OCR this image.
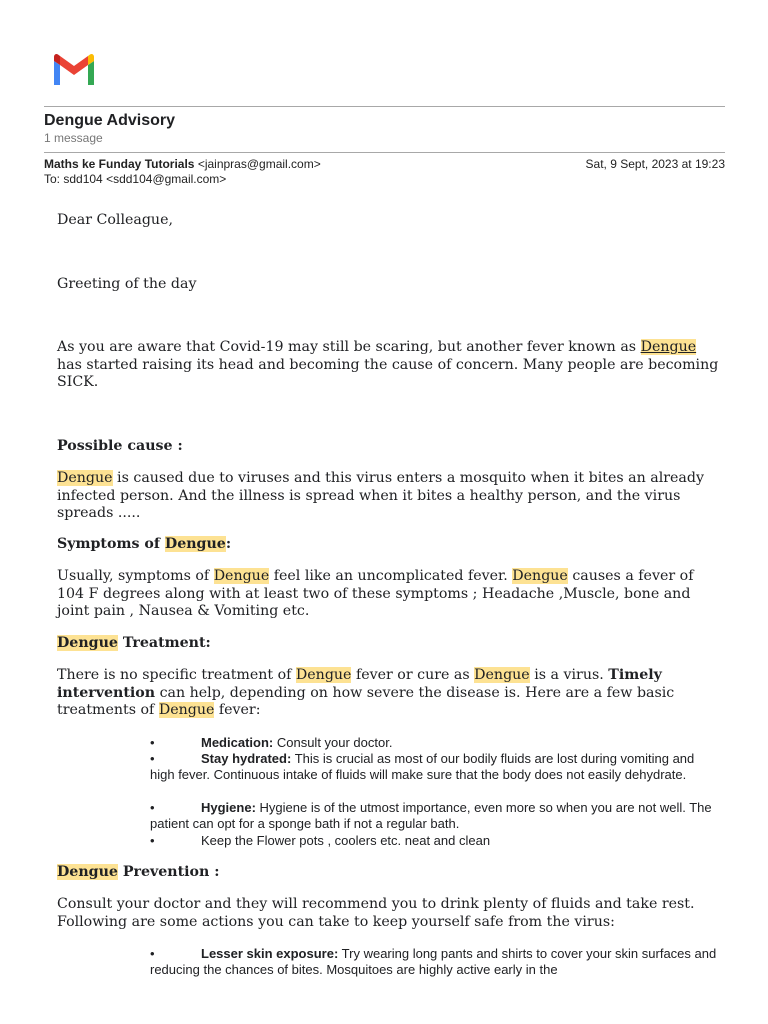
Dengue Advisory
1 message
Maths ke Funday Tutorials <jainpras@gmail.com>	Sat, 9 Sept, 2023 at 19:23
To: sdd104 <sdd104@gmail.com>

Dear Colleague,

Greeting of the day

As you are aware that Covid-19 may still be scaring, but another fever known as Dengue has started raising its head and becoming the cause of concern. Many people are becoming SICK.

Possible cause :

Dengue is caused due to viruses and this virus enters a mosquito when it bites an already infected person. And the illness is spread when it bites a healthy person, and the virus spreads .....

Symptoms of Dengue:

Usually, symptoms of Dengue feel like an uncomplicated fever. Dengue causes a fever of 104 F degrees along with at least two of these symptoms ; Headache ,Muscle, bone and joint pain , Nausea & Vomiting etc.

Dengue Treatment:

There is no specific treatment of Dengue fever or cure as Dengue is a virus. Timely intervention can help, depending on how severe the disease is. Here are a few basic treatments of Dengue fever:

•	Medication: Consult your doctor.

•	Stay hydrated: This is crucial as most of our bodily fluids are lost during vomiting and high fever. Continuous intake of fluids will make sure that the body does not easily dehydrate.

•	Hygiene: Hygiene is of the utmost importance, even more so when you are not well. The patient can opt for a sponge bath if not a regular bath.

•	Keep the Flower pots , coolers etc. neat and clean

Dengue Prevention :

Consult your doctor and they will recommend you to drink plenty of fluids and take rest. Following are some actions you can take to keep yourself safe from the virus:

•	Lesser skin exposure: Try wearing long pants and shirts to cover your skin surfaces and reducing the chances of bites. Mosquitoes are highly active early in the
